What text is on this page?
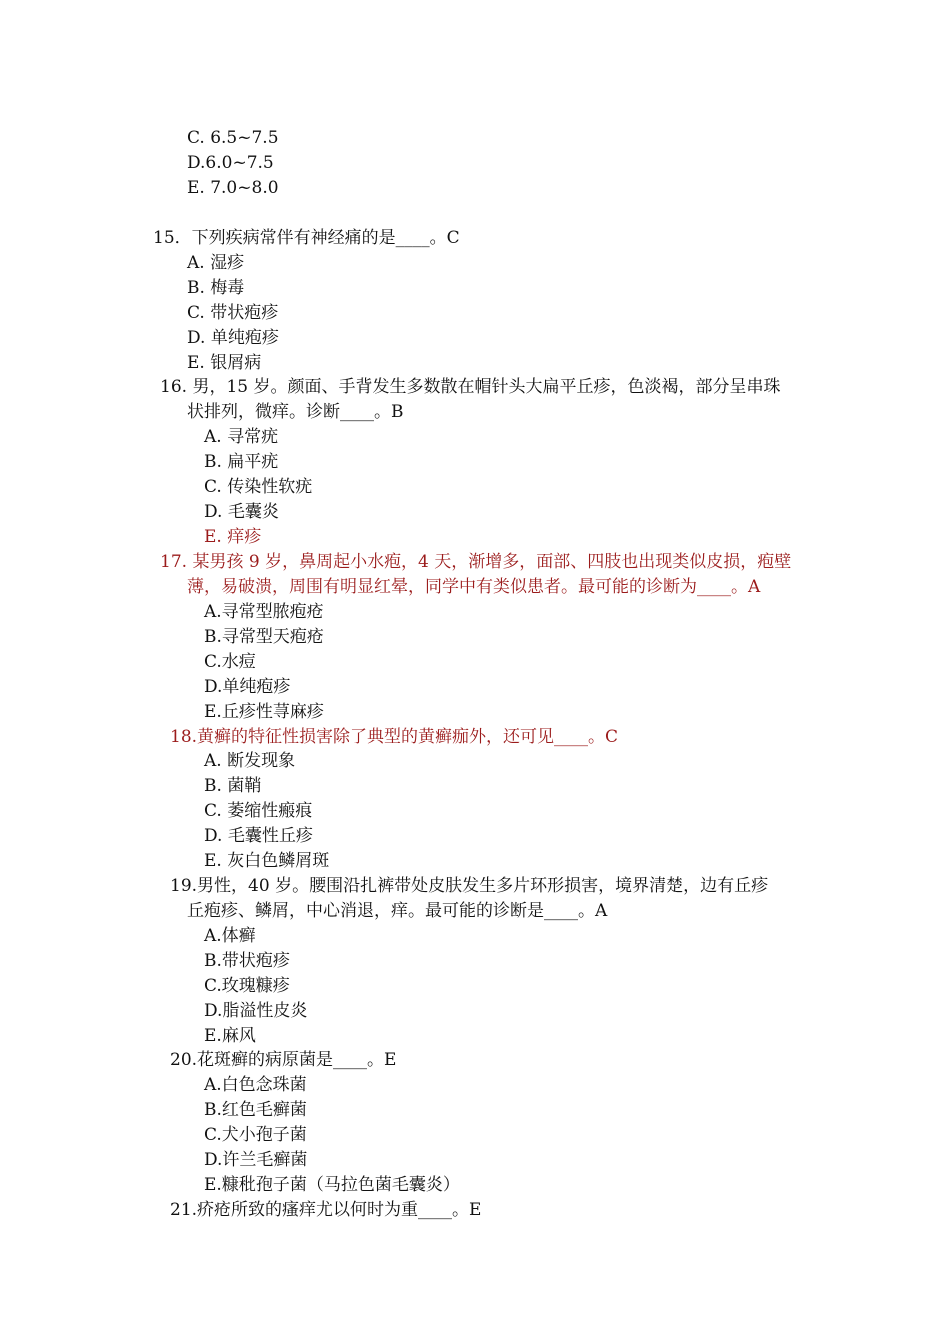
C. 6.5~7.5
D.6.0~7.5
E. 7.0~8.0
15．下列疾病常伴有神经痛的是____。C
A. 湿疹
B. 梅毒
C. 带状疱疹
D. 单纯疱疹
E. 银屑病
16. 男，15 岁。颜面、手背发生多数散在帽针头大扁平丘疹，色淡褐，部分呈串珠
状排列，微痒。诊断____。B
A. 寻常疣
B. 扁平疣
C. 传染性软疣
D. 毛囊炎
E. 痒疹
17. 某男孩 9 岁，鼻周起小水疱，4 天，渐增多，面部、四肢也出现类似皮损，疱壁
薄，易破溃，周围有明显红晕，同学中有类似患者。最可能的诊断为____。A
A.寻常型脓疱疮
B.寻常型天疱疮
C.水痘
D.单纯疱疹
E.丘疹性荨麻疹
18.黄癣的特征性损害除了典型的黄癣痂外，还可见____。C
A. 断发现象
B. 菌鞘
C. 萎缩性瘢痕
D. 毛囊性丘疹
E. 灰白色鳞屑斑
19.男性，40 岁。腰围沿扎裤带处皮肤发生多片环形损害，境界清楚，边有丘疹
丘疱疹、鳞屑，中心消退，痒。最可能的诊断是____。A
A.体癣
B.带状疱疹
C.玫瑰糠疹
D.脂溢性皮炎
E.麻风
20.花斑癣的病原菌是____。E
A.白色念珠菌
B.红色毛癣菌
C.犬小孢子菌
D.许兰毛癣菌
E.糠秕孢子菌（马拉色菌毛囊炎）
21.疥疮所致的瘙痒尤以何时为重____。E
